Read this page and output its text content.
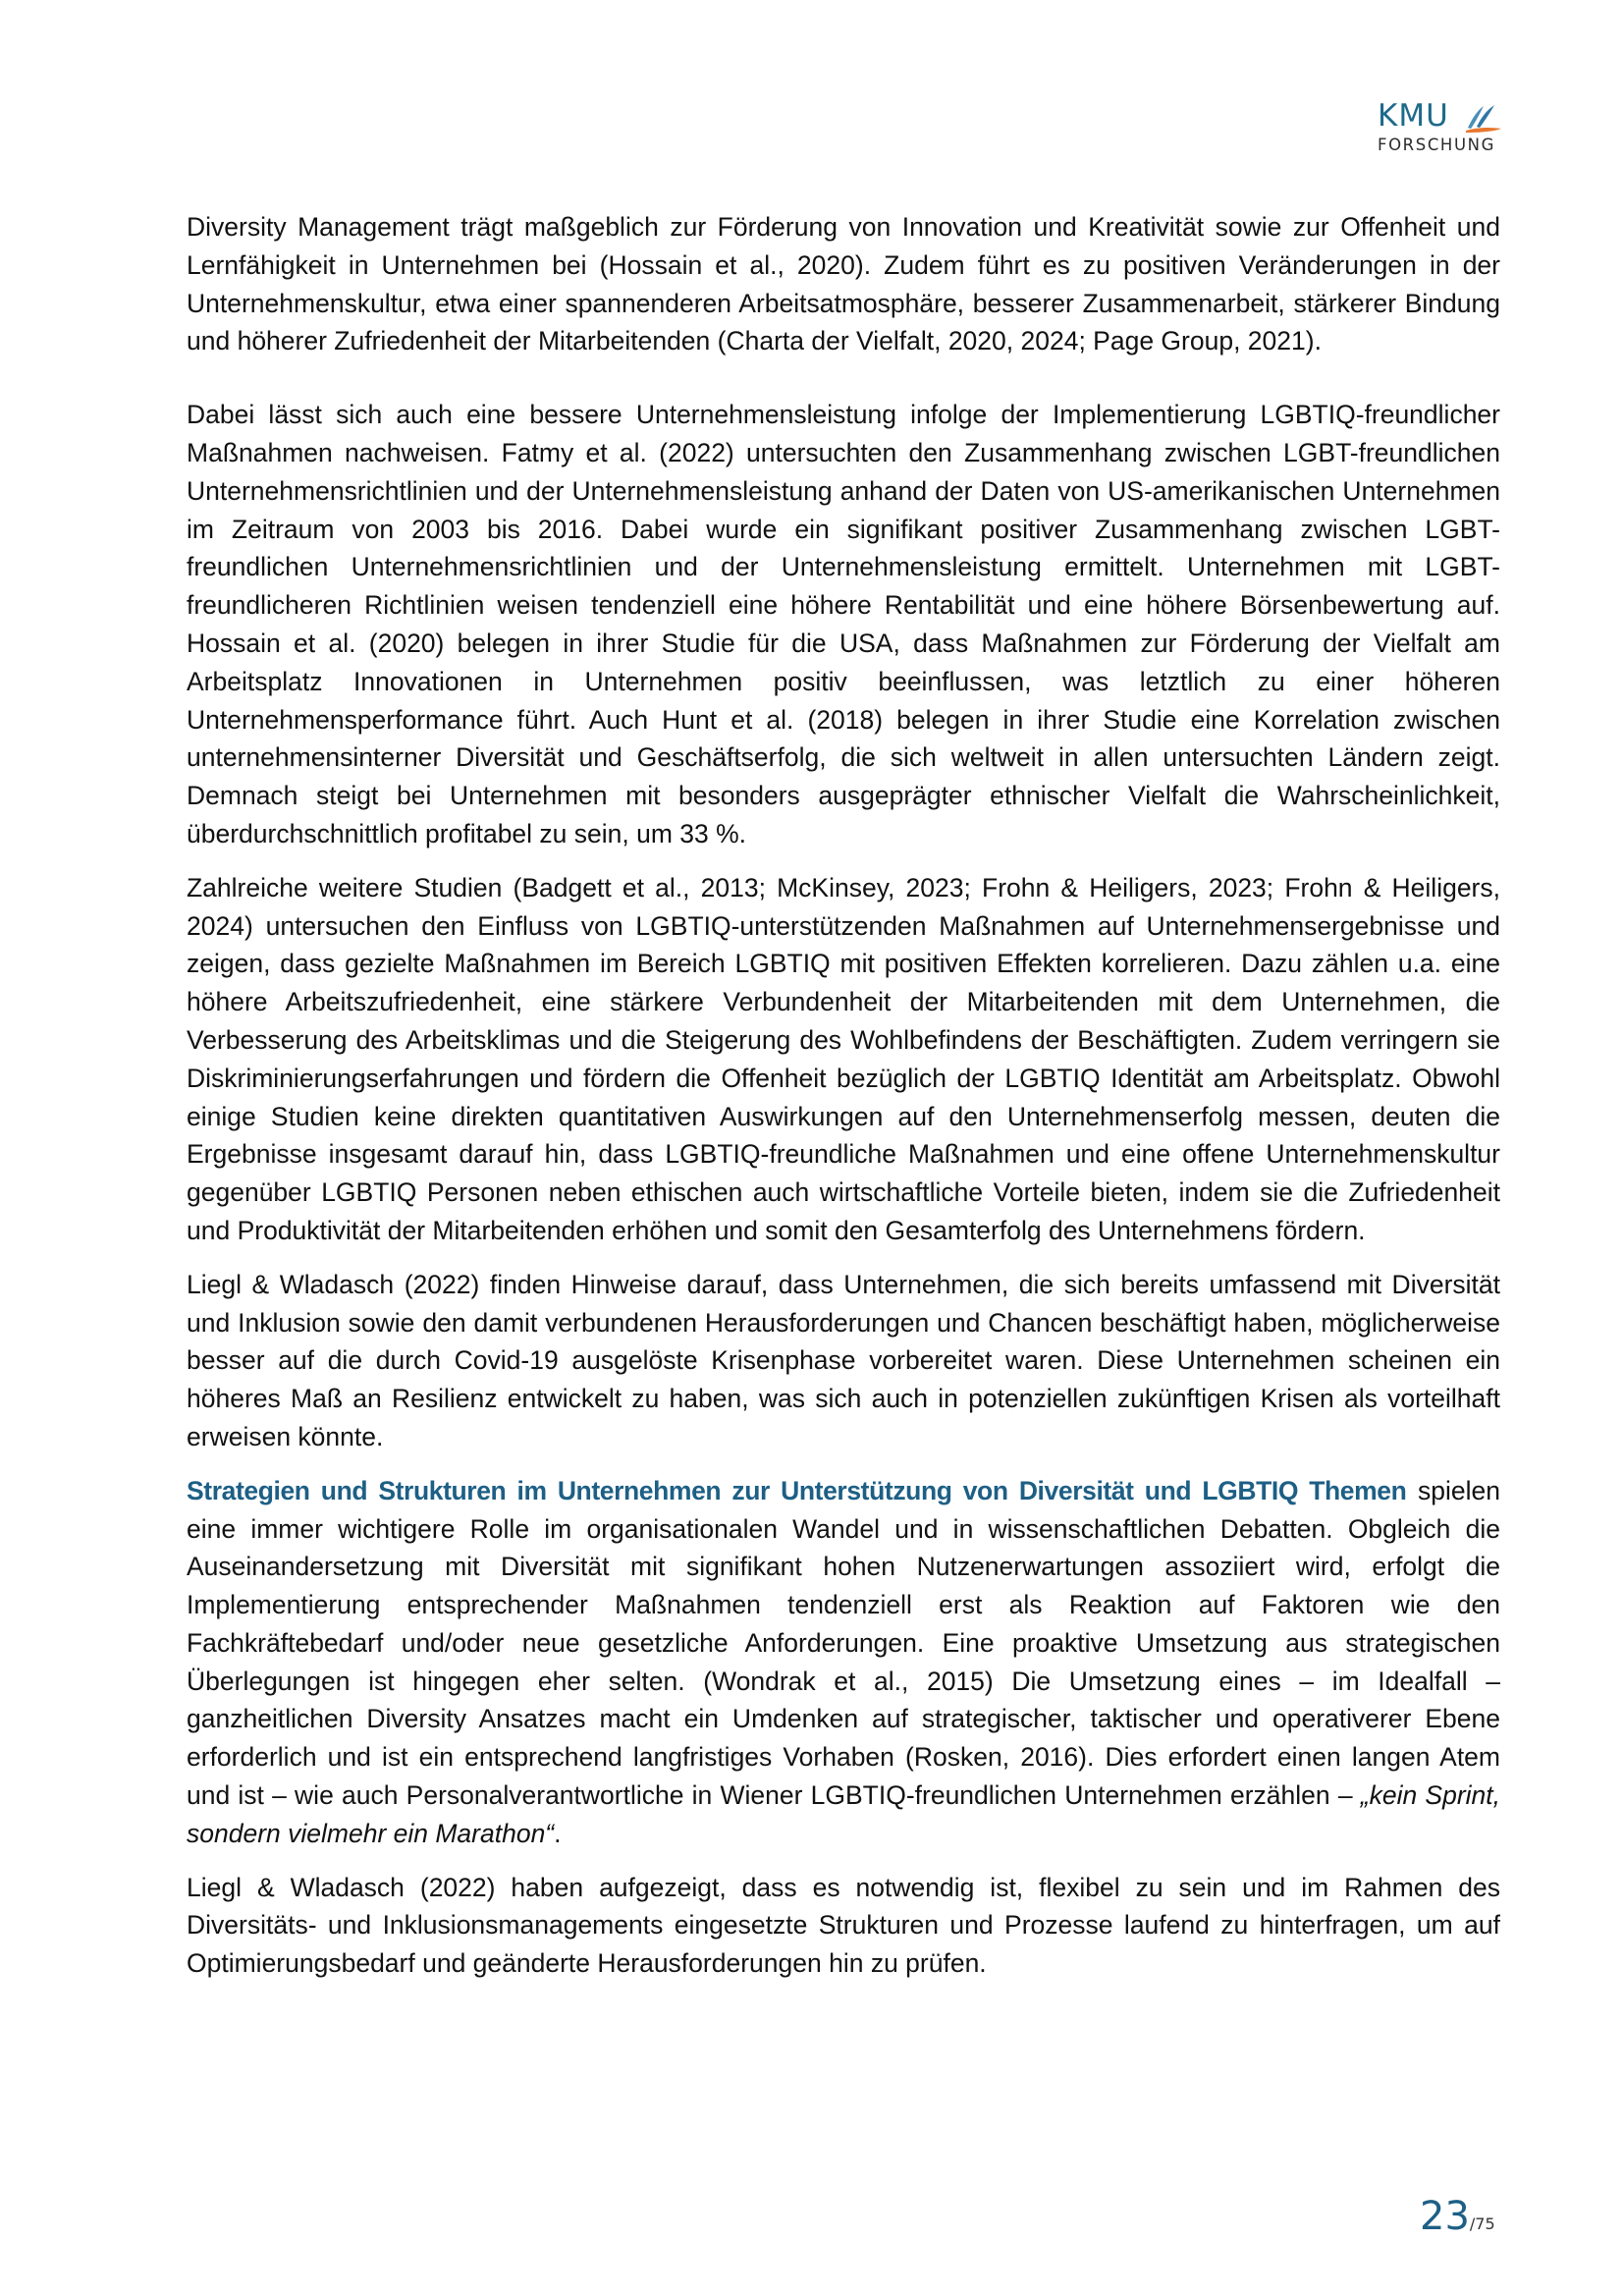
KMU
FORSCHUNG

Diversity Management trägt maßgeblich zur Förderung von Innovation und Kreativität sowie zur Offenheit und Lernfähigkeit in Unternehmen bei (Hossain et al., 2020). Zudem führt es zu positiven Veränderungen in der Unternehmenskultur, etwa einer spannenderen Arbeitsatmosphäre, besserer Zusammenarbeit, stärkerer Bindung und höherer Zufriedenheit der Mitarbeitenden (Charta der Vielfalt, 2020, 2024; Page Group, 2021).

Dabei lässt sich auch eine bessere Unternehmensleistung infolge der Implementierung LGBTIQ-freundlicher Maßnahmen nachweisen. Fatmy et al. (2022) untersuchten den Zusammenhang zwischen LGBT-freundlichen Unternehmensrichtlinien und der Unternehmensleistung anhand der Daten von US-amerikanischen Unternehmen im Zeitraum von 2003 bis 2016. Dabei wurde ein signifikant positiver Zusammenhang zwischen LGBT-freundlichen Unternehmensrichtlinien und der Unternehmensleistung ermittelt. Unternehmen mit LGBT-freundlicheren Richtlinien weisen tendenziell eine höhere Rentabilität und eine höhere Börsenbewertung auf. Hossain et al. (2020) belegen in ihrer Studie für die USA, dass Maßnahmen zur Förderung der Vielfalt am Arbeitsplatz Innovationen in Unternehmen positiv beeinflussen, was letztlich zu einer höheren Unternehmensperformance führt. Auch Hunt et al. (2018) belegen in ihrer Studie eine Korrelation zwischen unternehmensinterner Diversität und Geschäftserfolg, die sich weltweit in allen untersuchten Ländern zeigt. Demnach steigt bei Unternehmen mit besonders ausgeprägter ethnischer Vielfalt die Wahrscheinlichkeit, überdurchschnittlich profitabel zu sein, um 33 %.

Zahlreiche weitere Studien (Badgett et al., 2013; McKinsey, 2023; Frohn & Heiligers, 2023; Frohn & Heiligers, 2024) untersuchen den Einfluss von LGBTIQ-unterstützenden Maßnahmen auf Unternehmensergebnisse und zeigen, dass gezielte Maßnahmen im Bereich LGBTIQ mit positiven Effekten korrelieren. Dazu zählen u.a. eine höhere Arbeitszufriedenheit, eine stärkere Verbundenheit der Mitarbeitenden mit dem Unternehmen, die Verbesserung des Arbeitsklimas und die Steigerung des Wohlbefindens der Beschäftigten. Zudem verringern sie Diskriminierungserfahrungen und fördern die Offenheit bezüglich der LGBTIQ Identität am Arbeitsplatz. Obwohl einige Studien keine direkten quantitativen Auswirkungen auf den Unternehmenserfolg messen, deuten die Ergebnisse insgesamt darauf hin, dass LGBTIQ-freundliche Maßnahmen und eine offene Unternehmenskultur gegenüber LGBTIQ Personen neben ethischen auch wirtschaftliche Vorteile bieten, indem sie die Zufriedenheit und Produktivität der Mitarbeitenden erhöhen und somit den Gesamterfolg des Unternehmens fördern.

Liegl & Wladasch (2022) finden Hinweise darauf, dass Unternehmen, die sich bereits umfassend mit Diversität und Inklusion sowie den damit verbundenen Herausforderungen und Chancen beschäftigt haben, möglicherweise besser auf die durch Covid-19 ausgelöste Krisenphase vorbereitet waren. Diese Unternehmen scheinen ein höheres Maß an Resilienz entwickelt zu haben, was sich auch in potenziellen zukünftigen Krisen als vorteilhaft erweisen könnte.

Strategien und Strukturen im Unternehmen zur Unterstützung von Diversität und LGBTIQ Themen spielen eine immer wichtigere Rolle im organisationalen Wandel und in wissenschaftlichen Debatten. Obgleich die Auseinandersetzung mit Diversität mit signifikant hohen Nutzenerwartungen assoziiert wird, erfolgt die Implementierung entsprechender Maßnahmen tendenziell erst als Reaktion auf Faktoren wie den Fachkräftebedarf und/oder neue gesetzliche Anforderungen. Eine proaktive Umsetzung aus strategischen Überlegungen ist hingegen eher selten. (Wondrak et al., 2015) Die Umsetzung eines – im Idealfall – ganzheitlichen Diversity Ansatzes macht ein Umdenken auf strategischer, taktischer und operativerer Ebene erforderlich und ist ein entsprechend langfristiges Vorhaben (Rosken, 2016). Dies erfordert einen langen Atem und ist – wie auch Personalverantwortliche in Wiener LGBTIQ-freundlichen Unternehmen erzählen – „kein Sprint, sondern vielmehr ein Marathon“.

Liegl & Wladasch (2022) haben aufgezeigt, dass es notwendig ist, flexibel zu sein und im Rahmen des Diversitäts- und Inklusionsmanagements eingesetzte Strukturen und Prozesse laufend zu hinterfragen, um auf Optimierungsbedarf und geänderte Herausforderungen hin zu prüfen.

23/75
